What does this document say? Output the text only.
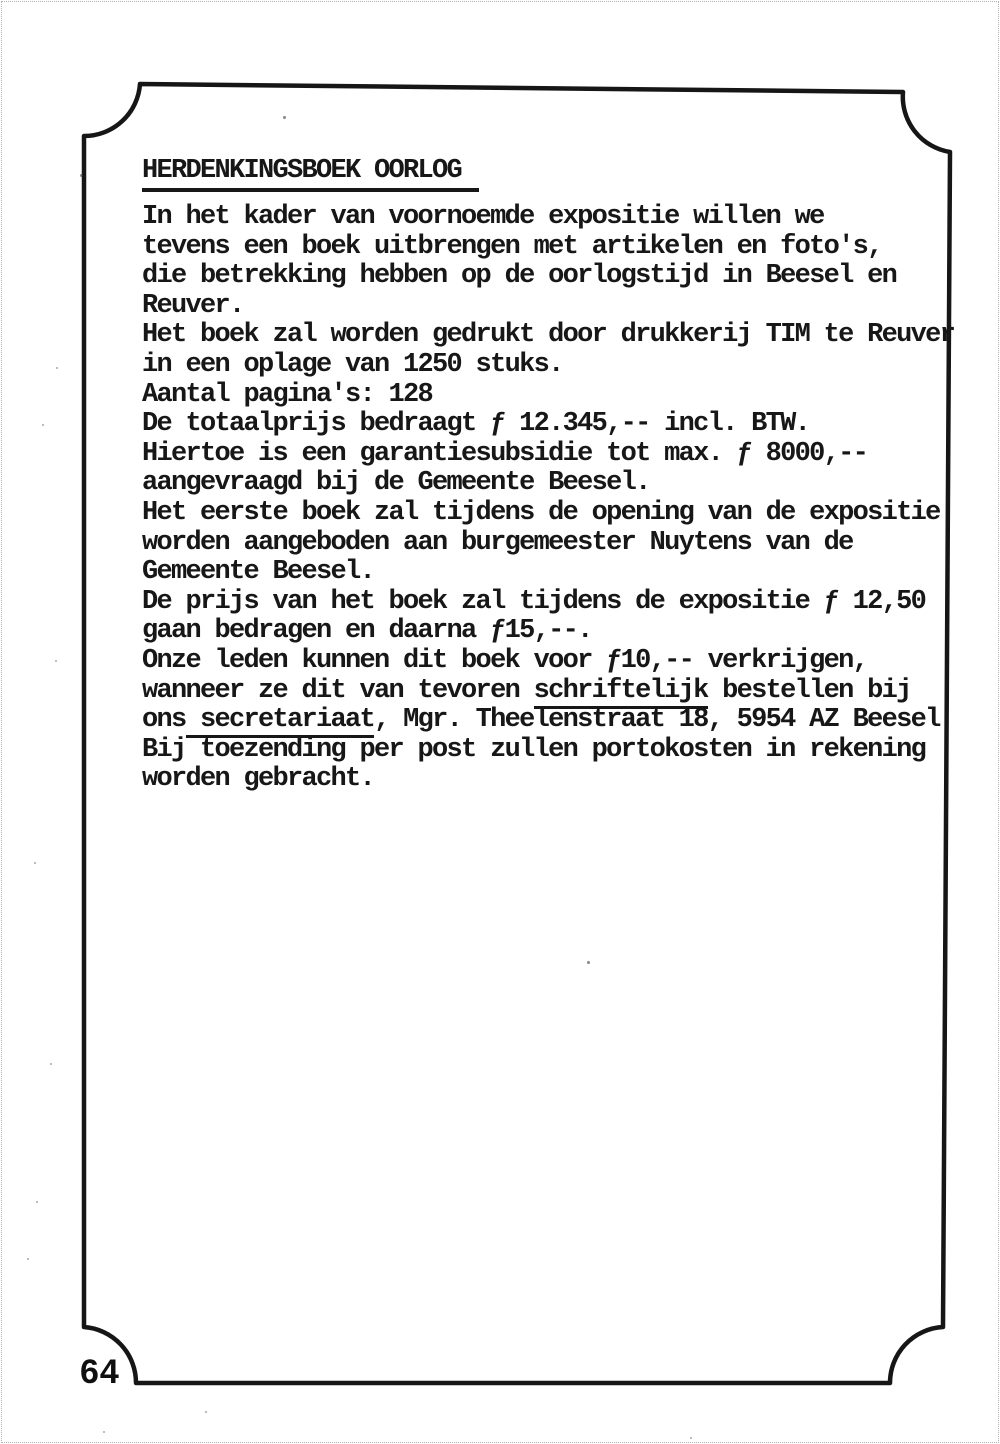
HERDENKINGSBOEK OORLOG
In het kader van voornoemde expositie willen we
tevens een boek uitbrengen met artikelen en foto's,
die betrekking hebben op de oorlogstijd in Beesel en
Reuver.
Het boek zal worden gedrukt door drukkerij TIM te Reuver
in een oplage van 1250 stuks.
Aantal pagina's: 128
De totaalprijs bedraagt ƒ 12.345,-- incl. BTW.
Hiertoe is een garantiesubsidie tot max. ƒ 8000,--
aangevraagd bij de Gemeente Beesel.
Het eerste boek zal tijdens de opening van de expositie
worden aangeboden aan burgemeester Nuytens van de
Gemeente Beesel.
De prijs van het boek zal tijdens de expositie ƒ 12,50
gaan bedragen en daarna ƒ15,--.
Onze leden kunnen dit boek voor ƒ10,-- verkrijgen,
wanneer ze dit van tevoren schriftelijk bestellen bij
ons secretariaat, Mgr. Theelenstraat 18, 5954 AZ Beesel
Bij toezending per post zullen portokosten in rekening
worden gebracht.
64
